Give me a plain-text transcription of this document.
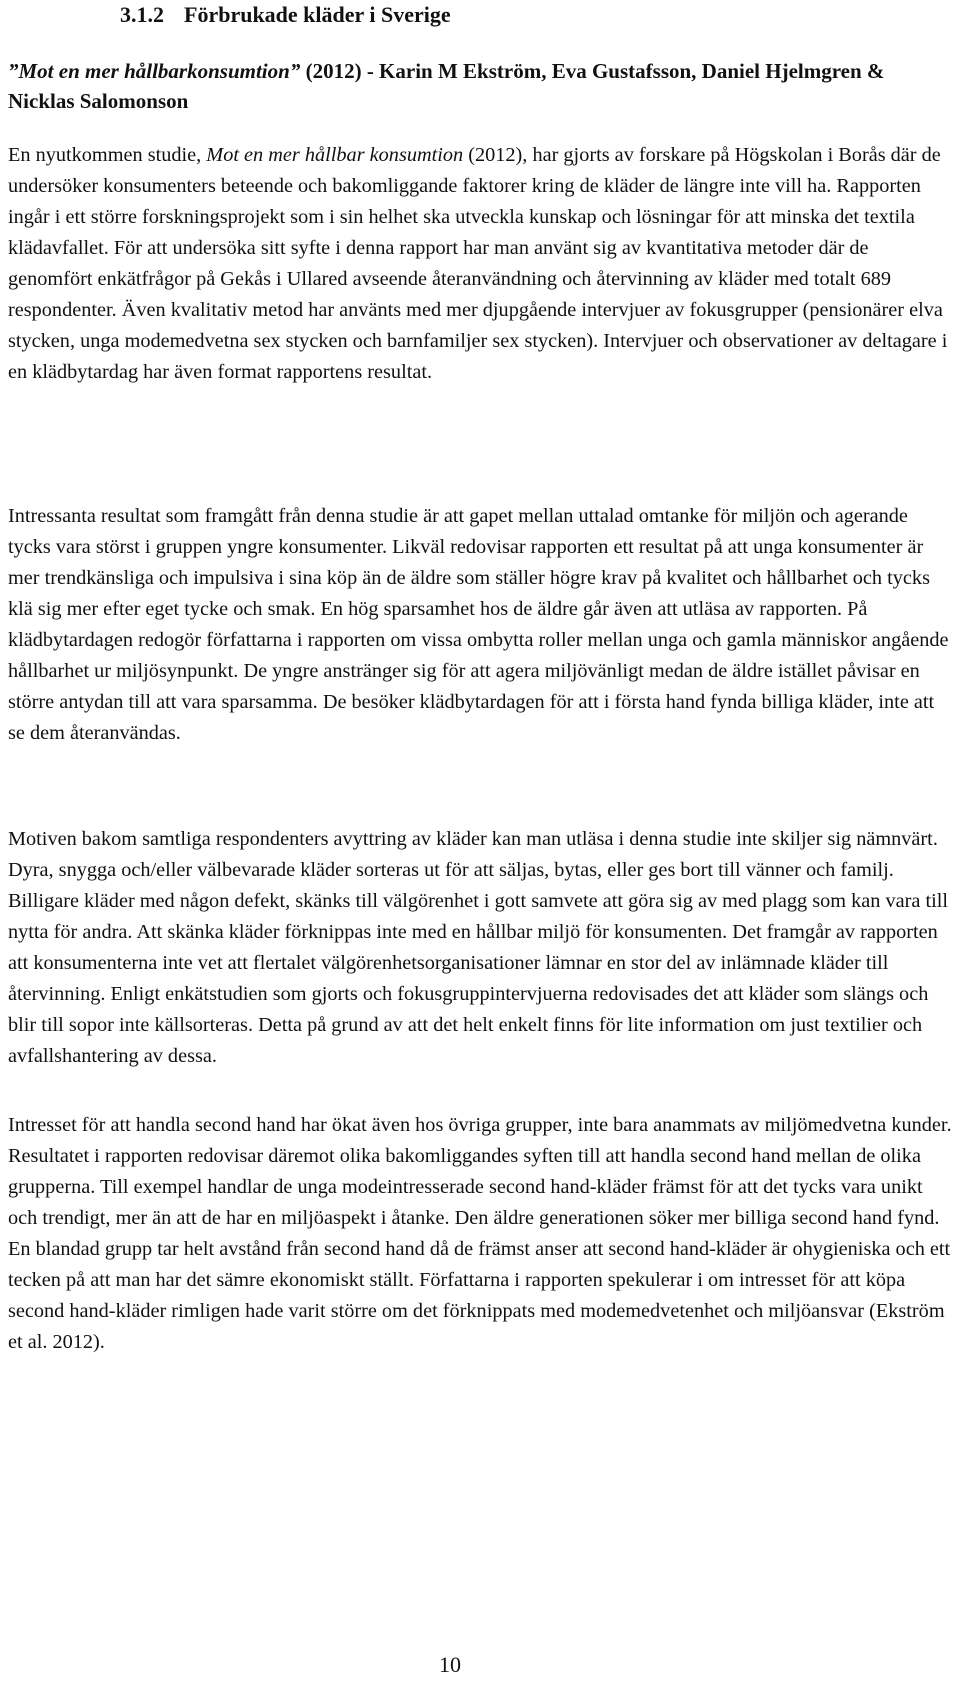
3.1.2 Förbrukade kläder i Sverige

”Mot en mer hållbarkonsumtion” (2012) - Karin M Ekström, Eva Gustafsson, Daniel Hjelmgren & Nicklas Salomonson

En nyutkommen studie, Mot en mer hållbar konsumtion (2012), har gjorts av forskare på Högskolan i Borås där de undersöker konsumenters beteende och bakomliggande faktorer kring de kläder de längre inte vill ha. Rapporten ingår i ett större forskningsprojekt som i sin helhet ska utveckla kunskap och lösningar för att minska det textila klädavfallet. För att undersöka sitt syfte i denna rapport har man använt sig av kvantitativa metoder där de genomfört enkätfrågor på Gekås i Ullared avseende återanvändning och återvinning av kläder med totalt 689 respondenter. Även kvalitativ metod har använts med mer djupgående intervjuer av fokusgrupper (pensionärer elva stycken, unga modemedvetna sex stycken och barnfamiljer sex stycken). Intervjuer och observationer av deltagare i en klädbytardag har även format rapportens resultat.

Intressanta resultat som framgått från denna studie är att gapet mellan uttalad omtanke för miljön och agerande tycks vara störst i gruppen yngre konsumenter. Likväl redovisar rapporten ett resultat på att unga konsumenter är mer trendkänsliga och impulsiva i sina köp än de äldre som ställer högre krav på kvalitet och hållbarhet och tycks klä sig mer efter eget tycke och smak. En hög sparsamhet hos de äldre går även att utläsa av rapporten. På klädbytardagen redogör författarna i rapporten om vissa ombytta roller mellan unga och gamla människor angående hållbarhet ur miljösynpunkt. De yngre anstränger sig för att agera miljövänligt medan de äldre istället påvisar en större antydan till att vara sparsamma. De besöker klädbytardagen för att i första hand fynda billiga kläder, inte att se dem återanvändas.

Motiven bakom samtliga respondenters avyttring av kläder kan man utläsa i denna studie inte skiljer sig nämnvärt. Dyra, snygga och/eller välbevarade kläder sorteras ut för att säljas, bytas, eller ges bort till vänner och familj. Billigare kläder med någon defekt, skänks till välgörenhet i gott samvete att göra sig av med plagg som kan vara till nytta för andra. Att skänka kläder förknippas inte med en hållbar miljö för konsumenten. Det framgår av rapporten att konsumenterna inte vet att flertalet välgörenhetsorganisationer lämnar en stor del av inlämnade kläder till återvinning. Enligt enkätstudien som gjorts och fokusgruppintervjuerna redovisades det att kläder som slängs och blir till sopor inte källsorteras. Detta på grund av att det helt enkelt finns för lite information om just textilier och avfallshantering av dessa.

Intresset för att handla second hand har ökat även hos övriga grupper, inte bara anammats av miljömedvetna kunder. Resultatet i rapporten redovisar däremot olika bakomliggandes syften till att handla second hand mellan de olika grupperna. Till exempel handlar de unga modeintresserade second hand-kläder främst för att det tycks vara unikt och trendigt, mer än att de har en miljöaspekt i åtanke. Den äldre generationen söker mer billiga second hand fynd. En blandad grupp tar helt avstånd från second hand då de främst anser att second hand-kläder är ohygieniska och ett tecken på att man har det sämre ekonomiskt ställt. Författarna i rapporten spekulerar i om intresset för att köpa second hand-kläder rimligen hade varit större om det förknippats med modemedvetenhet och miljöansvar (Ekström et al. 2012).

10
